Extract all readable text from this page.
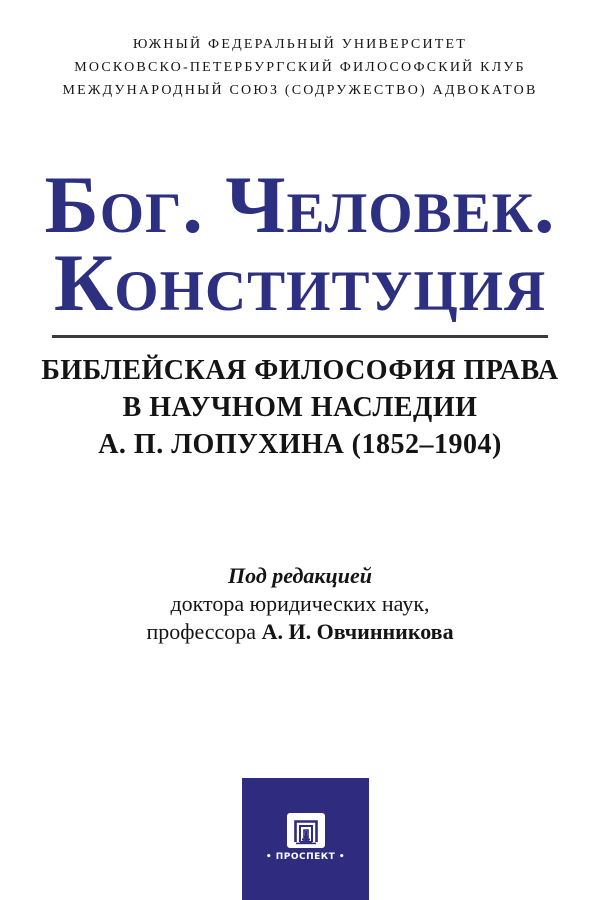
ЮЖНЫЙ ФЕДЕРАЛЬНЫЙ УНИВЕРСИТЕТ
МОСКОВСКО-ПЕТЕРБУРГСКИЙ ФИЛОСОФСКИЙ КЛУБ
МЕЖДУНАРОДНЫЙ СОЮЗ (СОДРУЖЕСТВО) АДВОКАТОВ
Бог. Человек.
Конституция
БИБЛЕЙСКАЯ ФИЛОСОФИЯ ПРАВА
В НАУЧНОМ НАСЛЕДИИ
А. П. ЛОПУХИНА (1852–1904)
Под редакцией
доктора юридических наук,
профессора А. И. Овчинникова
• ПРОСПЕКТ •
